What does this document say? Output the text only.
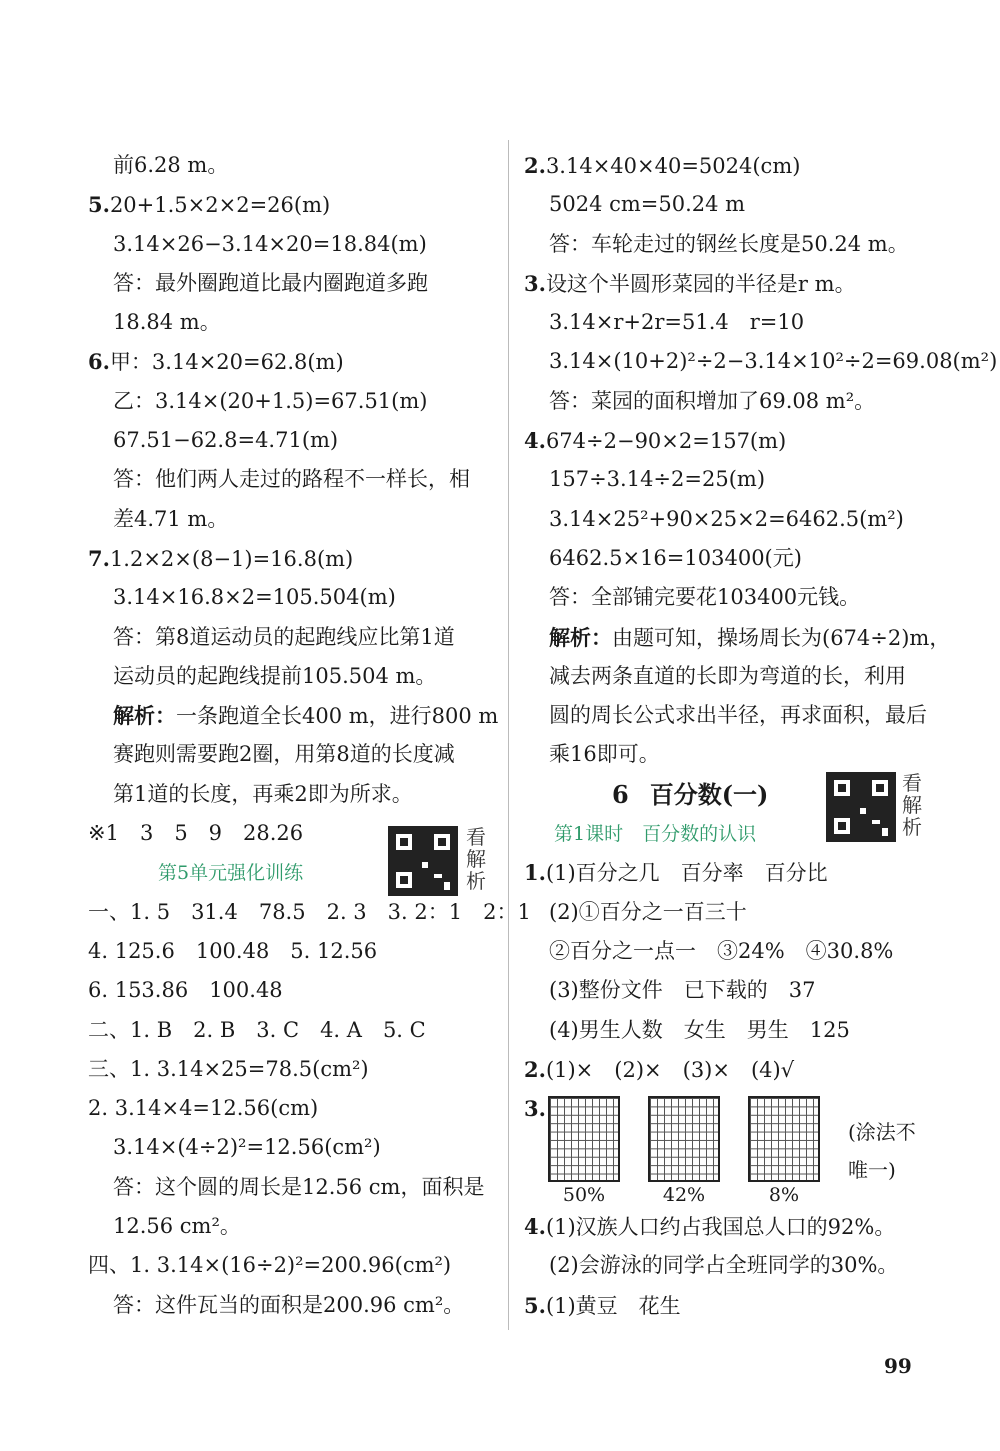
前6.28 m。
5.20+1.5×2×2=26(m)
3.14×26−3.14×20=18.84(m)
答：最外圈跑道比最内圈跑道多跑
18.84 m。
6.甲：3.14×20=62.8(m)
乙：3.14×(20+1.5)=67.51(m)
67.51−62.8=4.71(m)
答：他们两人走过的路程不一样长，相
差4.71 m。
7.1.2×2×(8−1)=16.8(m)
3.14×16.8×2=105.504(m)
答：第8道运动员的起跑线应比第1道
运动员的起跑线提前105.504 m。
解析：一条跑道全长400 m，进行800 m
赛跑则需要跑2圈，用第8道的长度减
第1道的长度，再乘2即为所求。
※1　3　5　9　28.26
第5单元强化训练
一、1. 5　31.4　78.5　2. 3　3. 2：1　2：1
4. 125.6　100.48　5. 12.56
6. 153.86　100.48
二、1. B　2. B　3. C　4. A　5. C
三、1. 3.14×25=78.5(cm²)
2. 3.14×4=12.56(cm)
3.14×(4÷2)²=12.56(cm²)
答：这个圆的周长是12.56 cm，面积是
12.56 cm²。
四、1. 3.14×(16÷2)²=200.96(cm²)
答：这件瓦当的面积是200.96 cm²。
2.3.14×40×40=5024(cm)
5024 cm=50.24 m
答：车轮走过的钢丝长度是50.24 m。
3.设这个半圆形菜园的半径是r m。
3.14×r+2r=51.4　r=10
3.14×(10+2)²÷2−3.14×10²÷2=69.08(m²)
答：菜园的面积增加了69.08 m²。
4.674÷2−90×2=157(m)
157÷3.14÷2=25(m)
3.14×25²+90×25×2=6462.5(m²)
6462.5×16=103400(元)
答：全部铺完要花103400元钱。
解析：由题可知，操场周长为(674÷2)m，
减去两条直道的长即为弯道的长，利用
圆的周长公式求出半径，再求面积，最后
乘16即可。
6　 百分数(一)
第1课时　百分数的认识
1.(1)百分之几　百分率　百分比
(2)①百分之一百三十
②百分之一点一　③24%　④30.8%
(3)整份文件　已下载的　37
(4)男生人数　女生　男生　125
2.(1)×　(2)×　(3)×　(4)√
3.
4.(1)汉族人口约占我国总人口的92%。
(2)会游泳的同学占全班同学的30%。
5.(1)黄豆　花生
看解析
看解析
50%	42%	8%
(涂法不唯一)
99
